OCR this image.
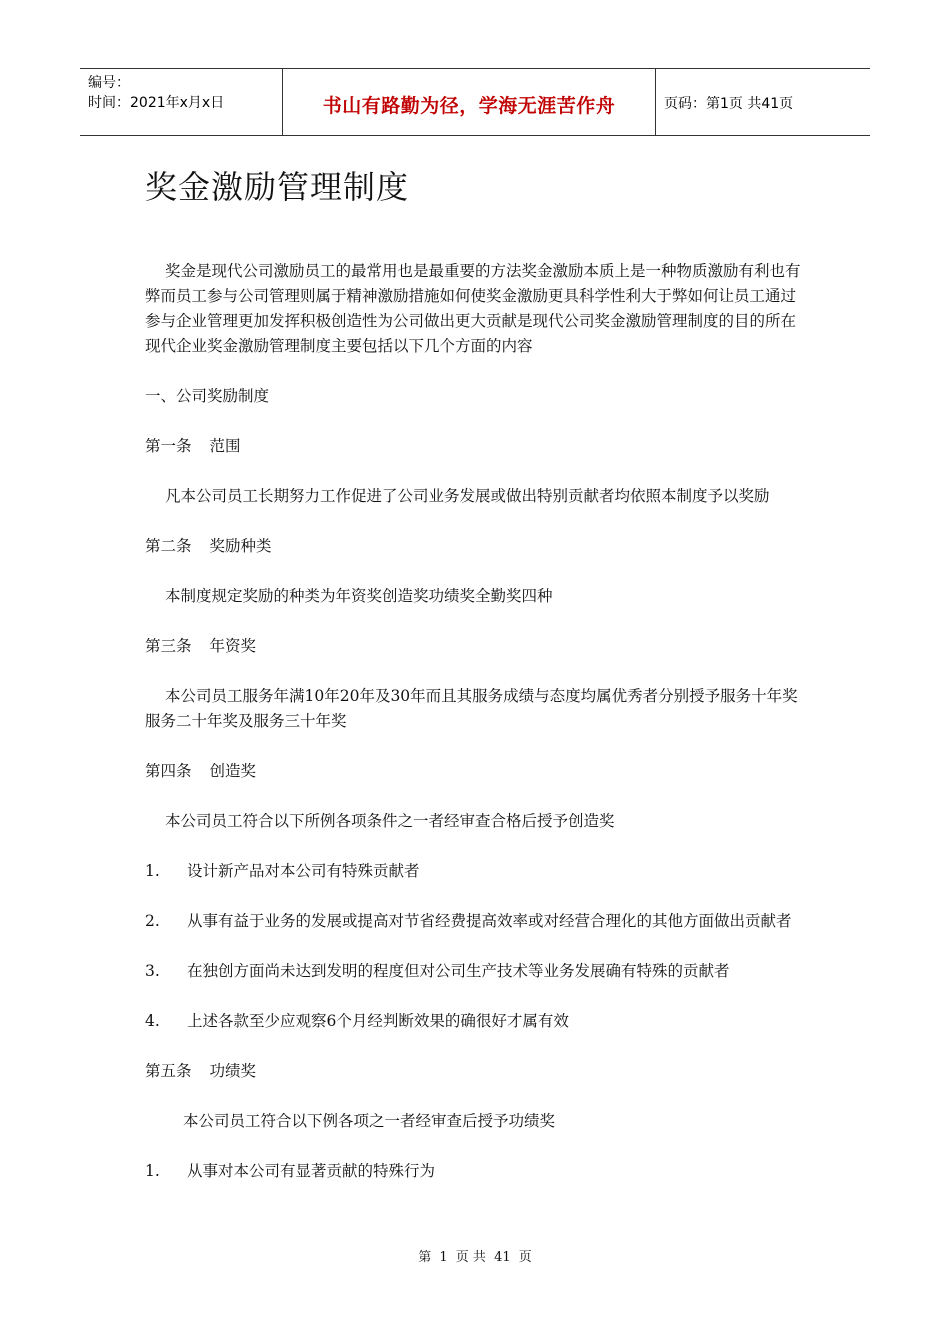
编号：
时间：2021年x月x日	书山有路勤为径，学海无涯苦作舟	页码：第1页 共41页
奖金激励管理制度

奖金是现代公司激励员工的最常用也是最重要的方法奖金激励本质上是一种物质激励有利也有弊而员工参与公司管理则属于精神激励措施如何使奖金激励更具科学性利大于弊如何让员工通过参与企业管理更加发挥积极创造性为公司做出更大贡献是现代公司奖金激励管理制度的目的所在现代企业奖金激励管理制度主要包括以下几个方面的内容

一、公司奖励制度

第一条 范围

凡本公司员工长期努力工作促进了公司业务发展或做出特别贡献者均依照本制度予以奖励

第二条 奖励种类

本制度规定奖励的种类为年资奖创造奖功绩奖全勤奖四种

第三条 年资奖

本公司员工服务年满10年20年及30年而且其服务成绩与态度均属优秀者分别授予服务十年奖服务二十年奖及服务三十年奖

第四条 创造奖

本公司员工符合以下所例各项条件之一者经审查合格后授予创造奖

1. 设计新产品对本公司有特殊贡献者

2. 从事有益于业务的发展或提高对节省经费提高效率或对经营合理化的其他方面做出贡献者

3. 在独创方面尚未达到发明的程度但对公司生产技术等业务发展确有特殊的贡献者

4. 上述各款至少应观察6个月经判断效果的确很好才属有效

第五条 功绩奖

本公司员工符合以下例各项之一者经审查后授予功绩奖

1. 从事对本公司有显著贡献的特殊行为

第 1 页 共 41 页
